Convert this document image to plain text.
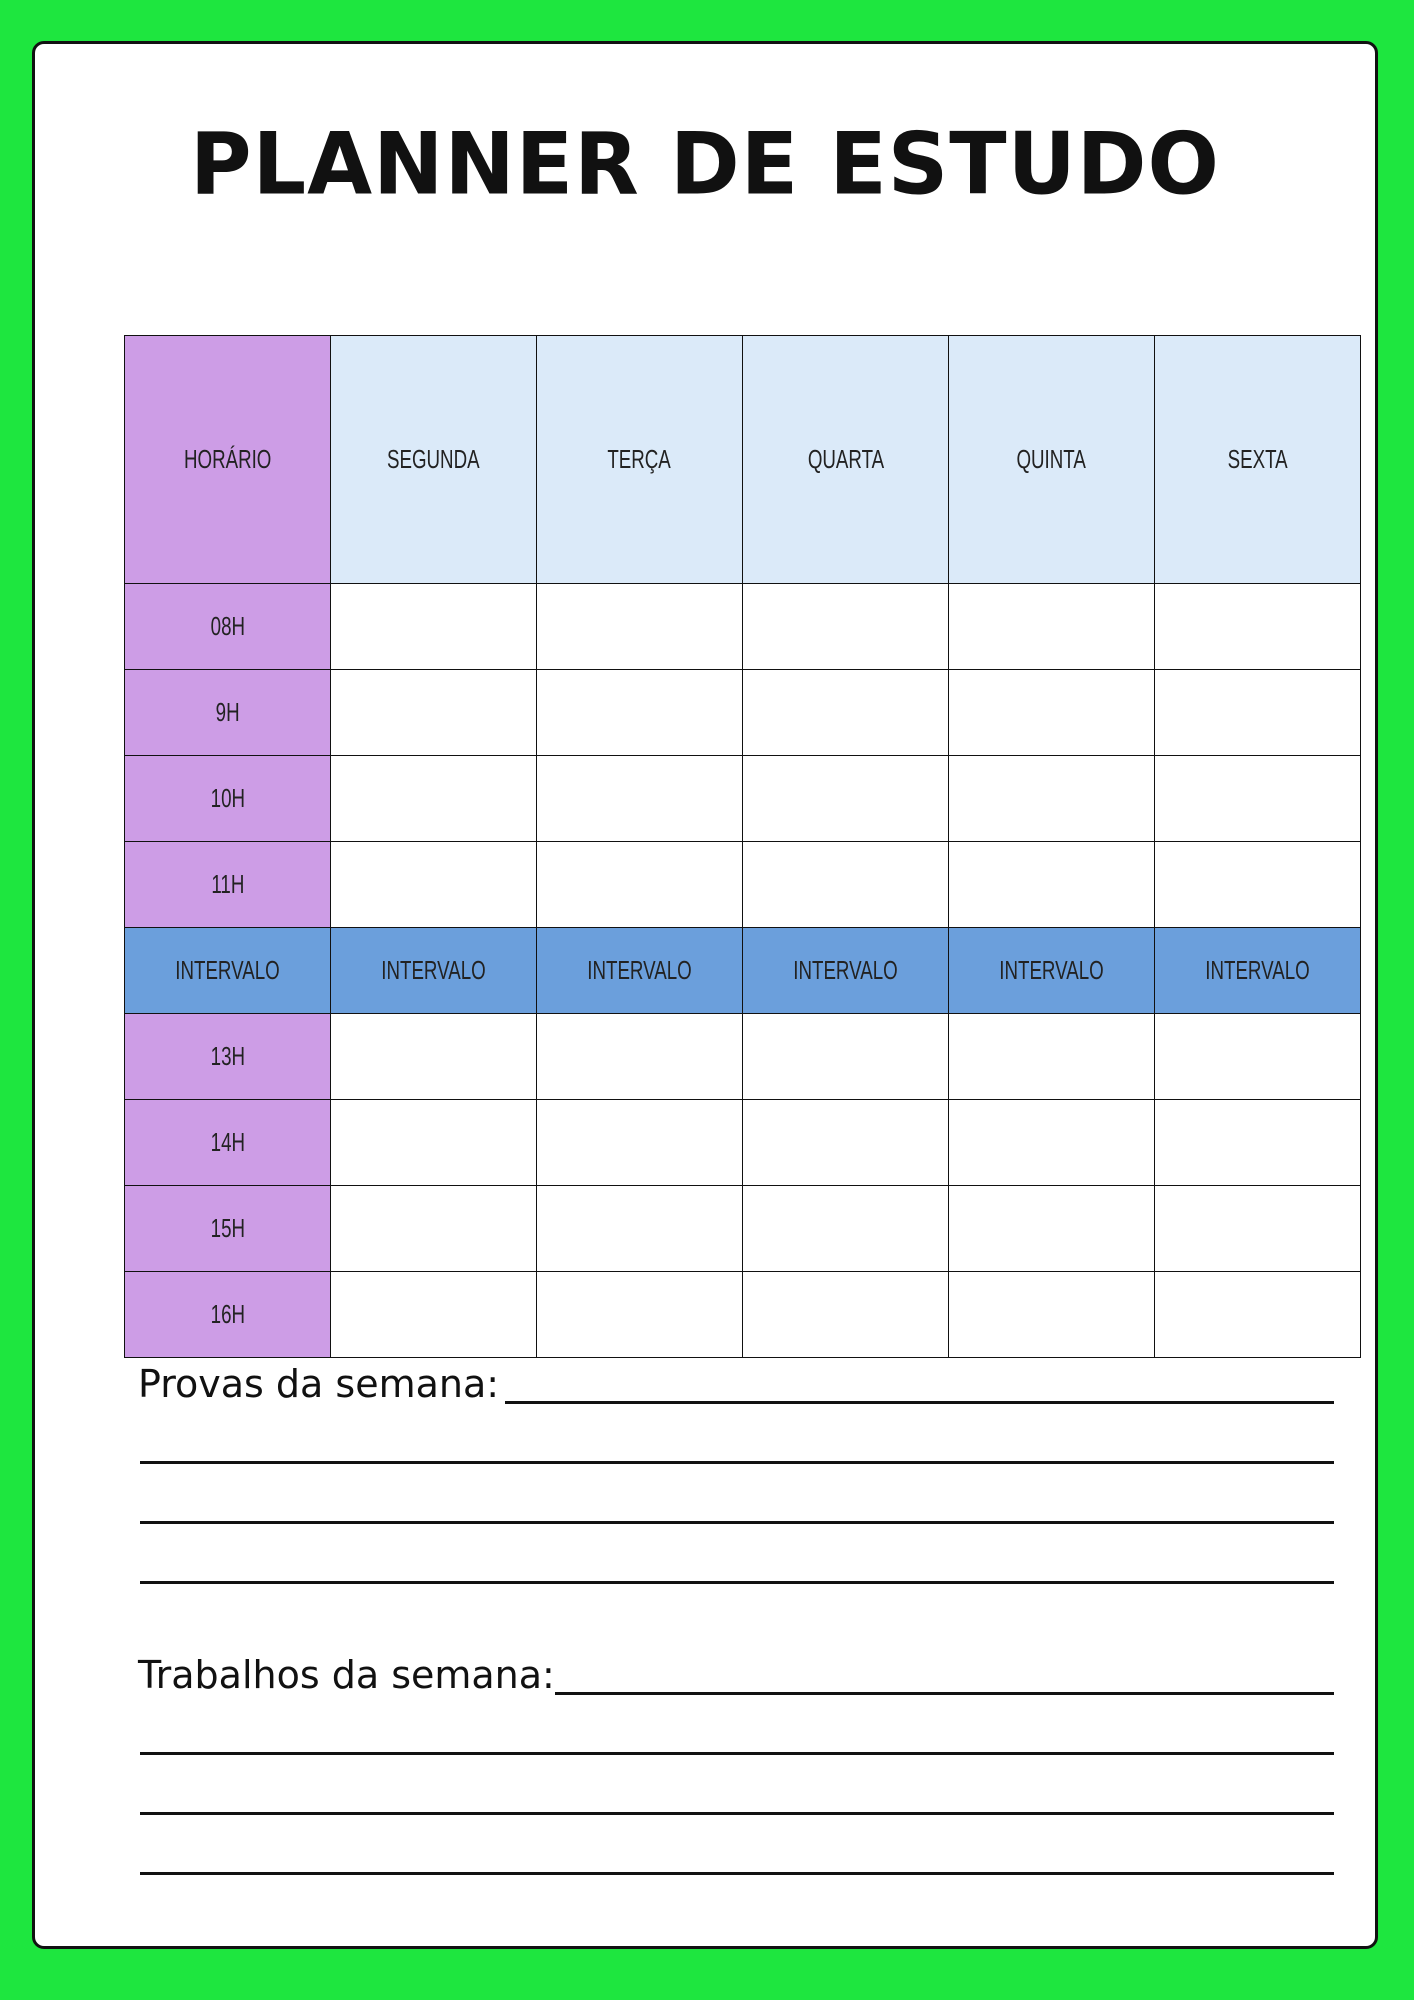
PLANNER DE ESTUDO
HORÁRIO	SEGUNDA	TERÇA	QUARTA	QUINTA	SEXTA
08H					
9H					
10H					
11H					
INTERVALO	INTERVALO	INTERVALO	INTERVALO	INTERVALO	INTERVALO
13H					
14H					
15H					
16H					
Provas da semana:
Trabalhos da semana:
